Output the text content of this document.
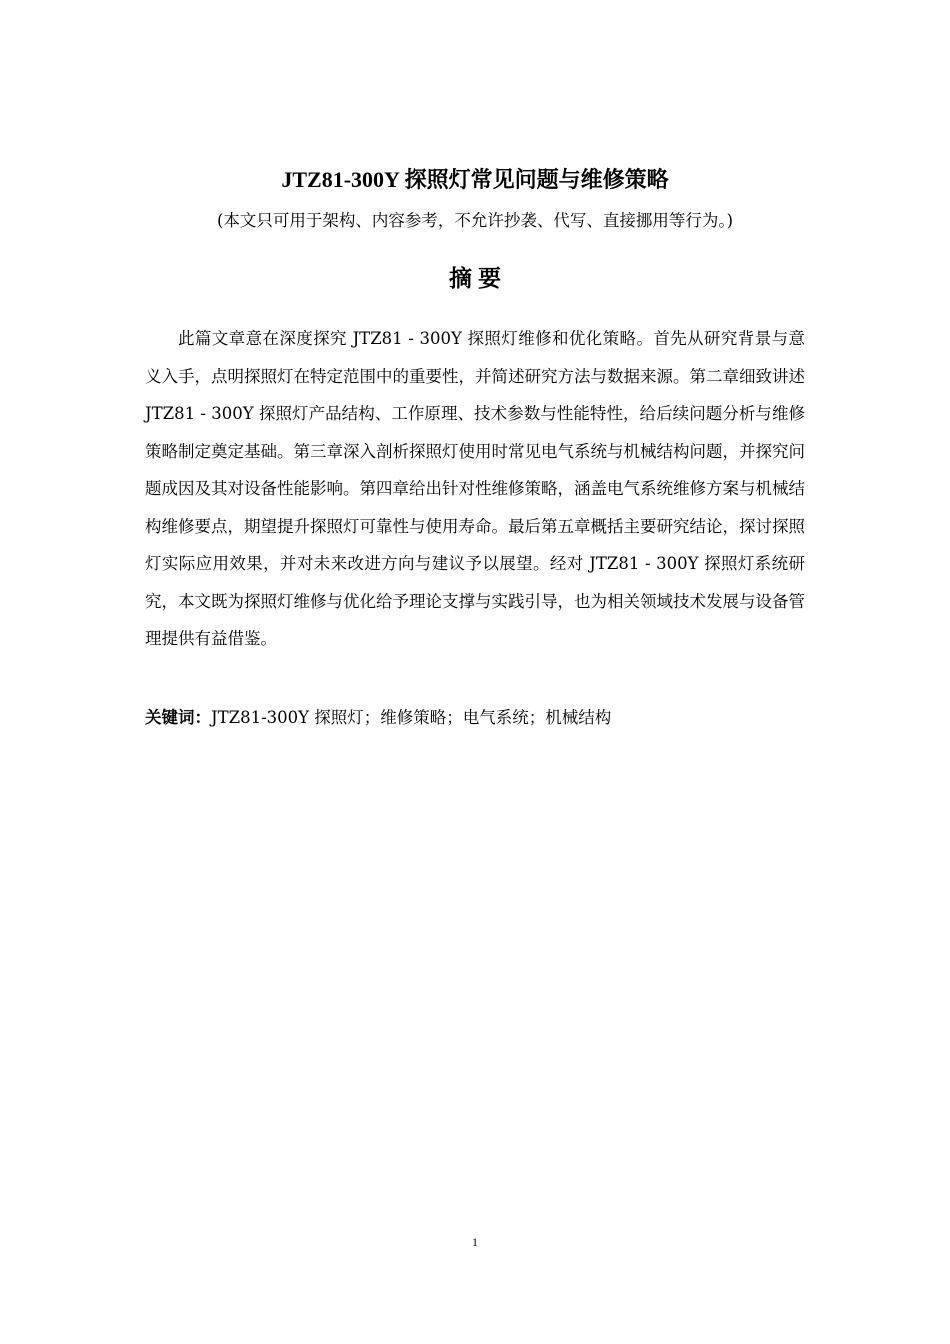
JTZ81-300Y 探照灯常见问题与维修策略
(本文只可用于架构、内容参考，不允许抄袭、代写、直接挪用等行为。)
摘要

此篇文章意在深度探究 JTZ81 - 300Y 探照灯维修和优化策略。首先从研究背景与意义入手，点明探照灯在特定范围中的重要性，并简述研究方法与数据来源。第二章细致讲述 JTZ81 - 300Y 探照灯产品结构、工作原理、技术参数与性能特性，给后续问题分析与维修策略制定奠定基础。第三章深入剖析探照灯使用时常见电气系统与机械结构问题，并探究问题成因及其对设备性能影响。第四章给出针对性维修策略，涵盖电气系统维修方案与机械结构维修要点，期望提升探照灯可靠性与使用寿命。最后第五章概括主要研究结论，探讨探照灯实际应用效果，并对未来改进方向与建议予以展望。经对 JTZ81 - 300Y 探照灯系统研究，本文既为探照灯维修与优化给予理论支撑与实践引导，也为相关领域技术发展与设备管理提供有益借鉴。

关键词：JTZ81-300Y 探照灯；维修策略；电气系统；机械结构
1
